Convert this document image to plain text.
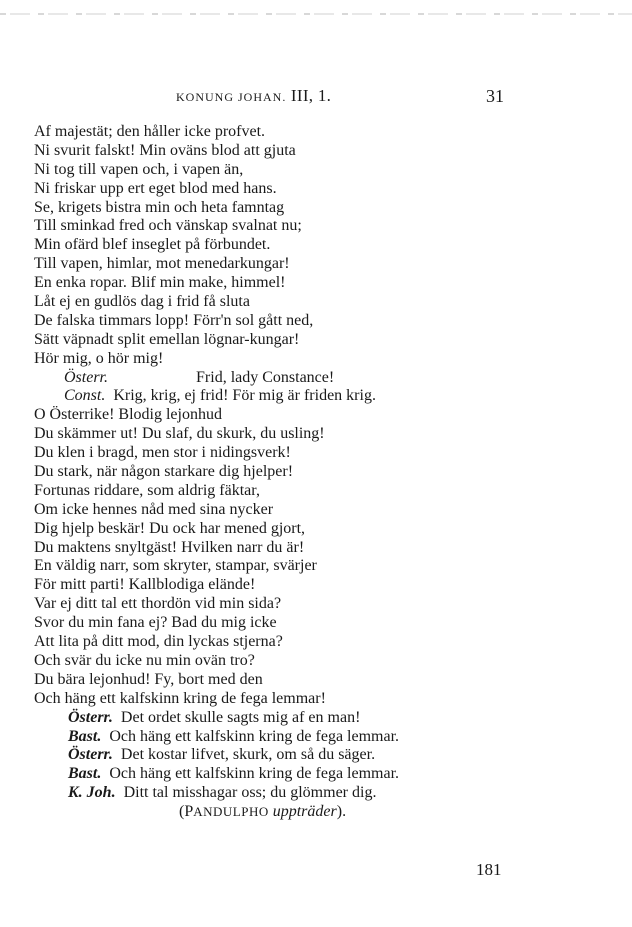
KONUNG JOHAN. III, 1.	31
Af majestät; den håller icke profvet.
Ni svurit falskt! Min oväns blod att gjuta
Ni tog till vapen och, i vapen än,
Ni friskar upp ert eget blod med hans.
Se, krigets bistra min och heta famntag
Till sminkad fred och vänskap svalnat nu;
Min ofärd blef inseglet på förbundet.
Till vapen, himlar, mot menedarkungar!
En enka ropar. Blif min make, himmel!
Låt ej en gudlös dag i frid få sluta
De falska timmars lopp! Förr'n sol gått ned,
Sätt väpnadt split emellan lögnar-kungar!
Hör mig, o hör mig!
Österr.	Frid, lady Constance!
Const. Krig, krig, ej frid! För mig är friden krig.
O Österrike! Blodig lejonhud
Du skämmer ut! Du slaf, du skurk, du usling!
Du klen i bragd, men stor i nidingsverk!
Du stark, när någon starkare dig hjelper!
Fortunas riddare, som aldrig fäktar,
Om icke hennes nåd med sina nycker
Dig hjelp beskär! Du ock har mened gjort,
Du maktens snyltgäst! Hvilken narr du är!
En väldig narr, som skryter, stampar, svärjer
För mitt parti! Kallblodiga elände!
Var ej ditt tal ett thordön vid min sida?
Svor du min fana ej? Bad du mig icke
Att lita på ditt mod, din lyckas stjerna?
Och svär du icke nu min ovän tro?
Du bära lejonhud! Fy, bort med den
Och häng ett kalfskinn kring de fega lemmar!
Österr. Det ordet skulle sagts mig af en man!
Bast. Och häng ett kalfskinn kring de fega lemmar.
Österr. Det kostar lifvet, skurk, om så du säger.
Bast. Och häng ett kalfskinn kring de fega lemmar.
K. Joh. Ditt tal misshagar oss; du glömmer dig.
(PANDULPHO uppträder).
181
